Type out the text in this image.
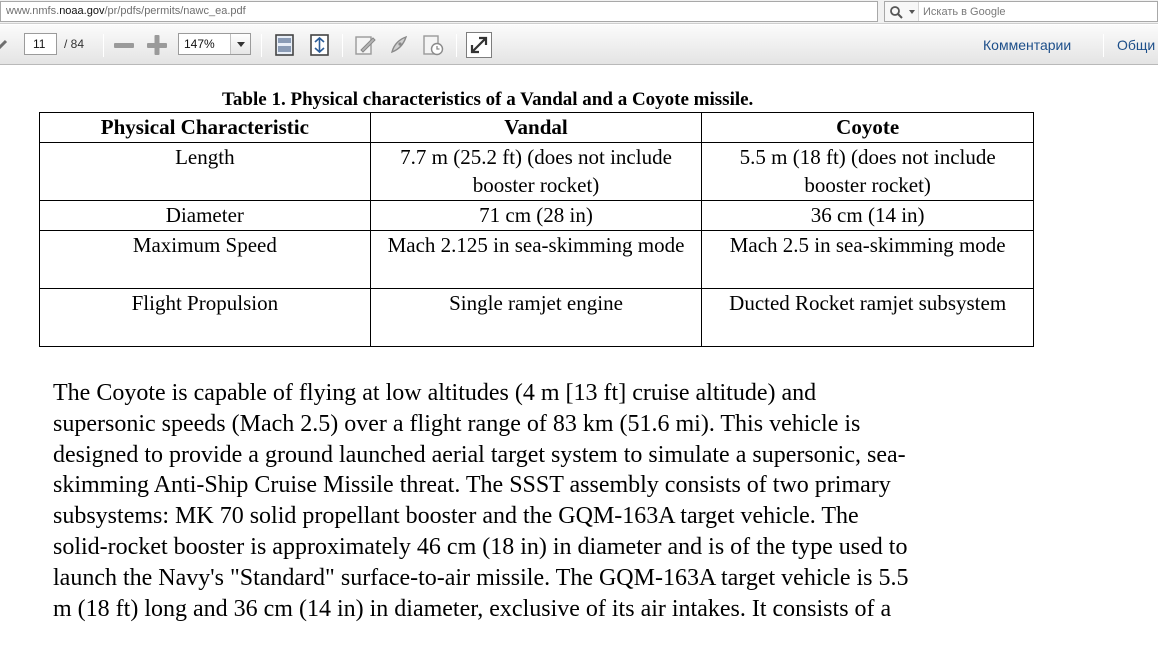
www.nmfs.noaa.gov/pr/pdfs/permits/nawc_ea.pdf
Искать в Google
11	/ 84	147%	Комментарии	Общи
Table 1. Physical characteristics of a Vandal and a Coyote missile.
Physical Characteristic	Vandal	Coyote
Length	7.7 m (25.2 ft) (does not include booster rocket)	5.5 m (18 ft) (does not include booster rocket)
Diameter	71 cm (28 in)	36 cm (14 in)
Maximum Speed	Mach 2.125 in sea-skimming mode	Mach 2.5 in sea-skimming mode
Flight Propulsion	Single ramjet engine	Ducted Rocket ramjet subsystem
The Coyote is capable of flying at low altitudes (4 m [13 ft] cruise altitude) and
supersonic speeds (Mach 2.5) over a flight range of 83 km (51.6 mi). This vehicle is
designed to provide a ground launched aerial target system to simulate a supersonic, sea-
skimming Anti-Ship Cruise Missile threat. The SSST assembly consists of two primary
subsystems: MK 70 solid propellant booster and the GQM-163A target vehicle. The
solid-rocket booster is approximately 46 cm (18 in) in diameter and is of the type used to
launch the Navy's "Standard" surface-to-air missile. The GQM-163A target vehicle is 5.5
m (18 ft) long and 36 cm (14 in) in diameter, exclusive of its air intakes. It consists of a
